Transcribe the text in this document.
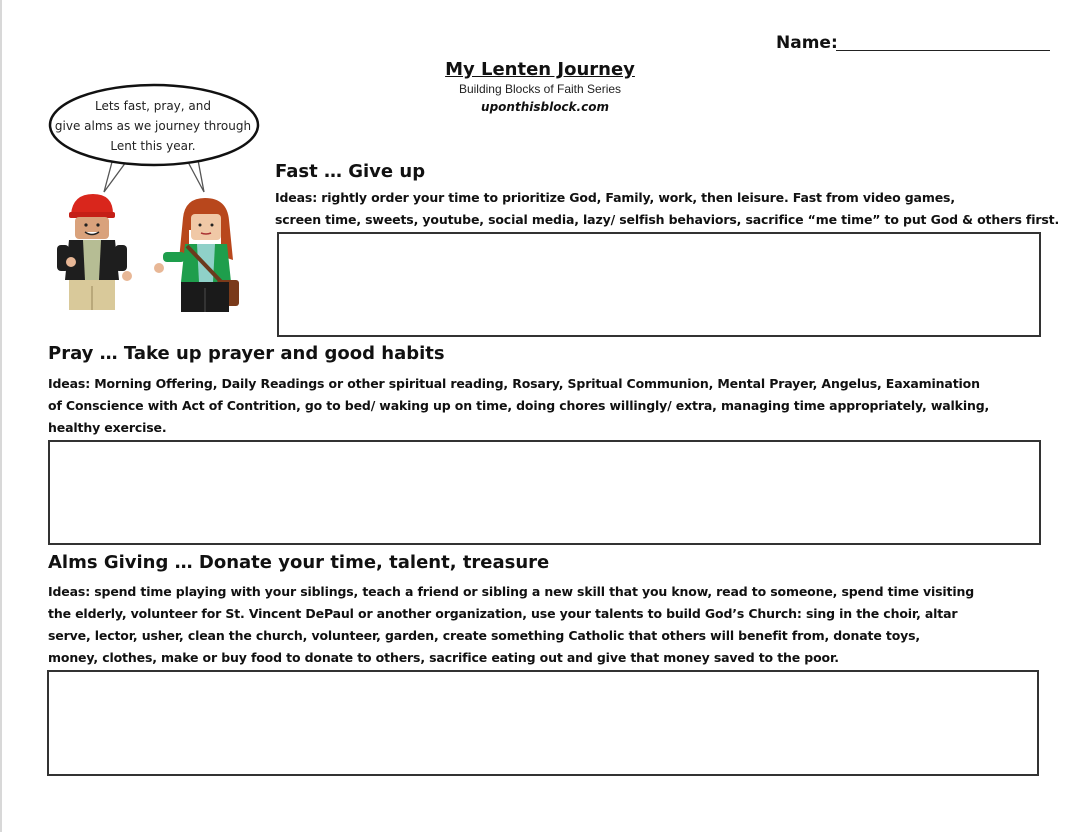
Name:
My Lenten Journey
Building Blocks of Faith Series
uponthisblock.com
Lets fast, pray, and
give alms as we journey through
Lent this year.
Fast … Give up
Ideas: rightly order your time to prioritize God, Family, work, then leisure. Fast from video games,
screen time, sweets, youtube, social media, lazy/ selfish behaviors, sacrifice “me time” to put God & others first.
Pray … Take up prayer and good habits
Ideas: Morning Offering, Daily Readings or other spiritual reading, Rosary, Spritual Communion, Mental Prayer, Angelus, Eaxamination
of Conscience with Act of Contrition, go to bed/ waking up on time, doing chores willingly/ extra, managing time appropriately, walking,
healthy exercise.
Alms Giving … Donate your time, talent, treasure
Ideas: spend time playing with your siblings, teach a friend or sibling a new skill that you know, read to someone, spend time visiting
the elderly, volunteer for St. Vincent DePaul or another organization, use your talents to build God’s Church: sing in the choir, altar
serve, lector, usher, clean the church, volunteer, garden, create something Catholic that others will benefit from, donate toys,
money, clothes, make or buy food to donate to others, sacrifice eating out and give that money saved to the poor.
